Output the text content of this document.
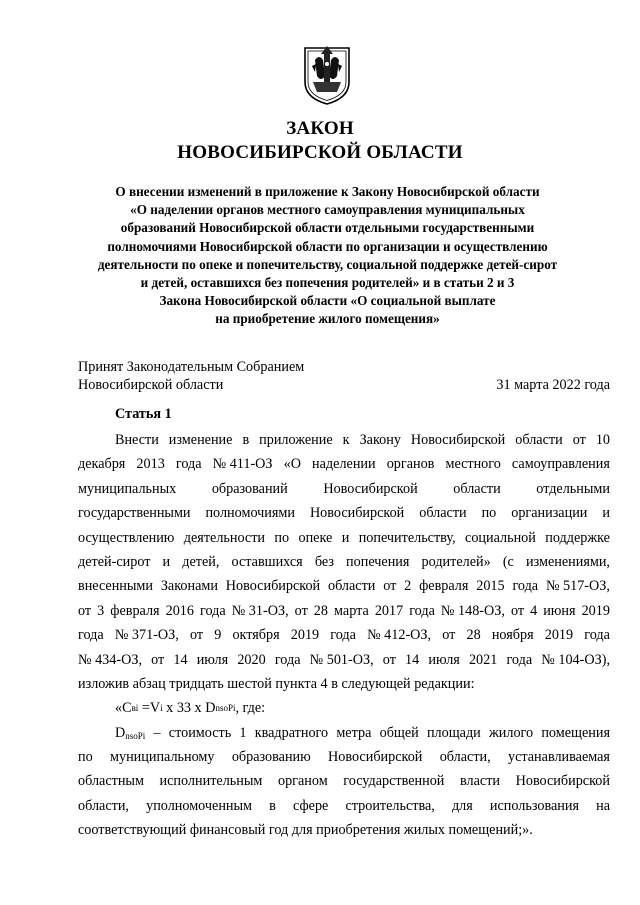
ЗАКОН
НОВОСИБИРСКОЙ ОБЛАСТИ
О внесении изменений в приложение к Закону Новосибирской области
«О наделении органов местного самоуправления муниципальных
образований Новосибирской области отдельными государственными
полномочиями Новосибирской области по организации и осуществлению
деятельности по опеке и попечительству, социальной поддержке детей-сирот
и детей, оставшихся без попечения родителей» и в статьи 2 и 3
Закона Новосибирской области «О социальной выплате
на приобретение жилого помещения»
Принят Законодательным Собранием
Новосибирской области	31 марта 2022 года
Статья 1
Внести изменение в приложение к Закону Новосибирской области от 10
декабря 2013 года № 411-ОЗ «О наделении органов местного самоуправления
муниципальных	образований	Новосибирской	области	отдельными
государственными полномочиями Новосибирской области по организации и
осуществлению деятельности по опеке и попечительству, социальной поддержке
детей-сирот и детей, оставшихся без попечения родителей» (с изменениями,
внесенными Законами Новосибирской области от 2 февраля 2015 года № 517-ОЗ,
от 3 февраля 2016 года № 31-ОЗ, от 28 марта 2017 года № 148-ОЗ, от 4 июня 2019
года № 371-ОЗ, от 9 октября 2019 года № 412-ОЗ, от 28 ноября 2019 года
№ 434-ОЗ, от 14 июля 2020 года № 501-ОЗ, от 14 июля 2021 года № 104-ОЗ),
изложив абзац тридцать шестой пункта 4 в следующей редакции:
«С вi =V i х 33 х D nsoPi , где:
$D_{nsoPi}$ – стоимость 1 квадратного метра общей площади жилого помещения
по муниципальному образованию Новосибирской области, устанавливаемая
областным исполнительным органом государственной власти Новосибирской
области, уполномоченным в сфере строительства, для использования на
соответствующий финансовый год для приобретения жилых помещений;».
